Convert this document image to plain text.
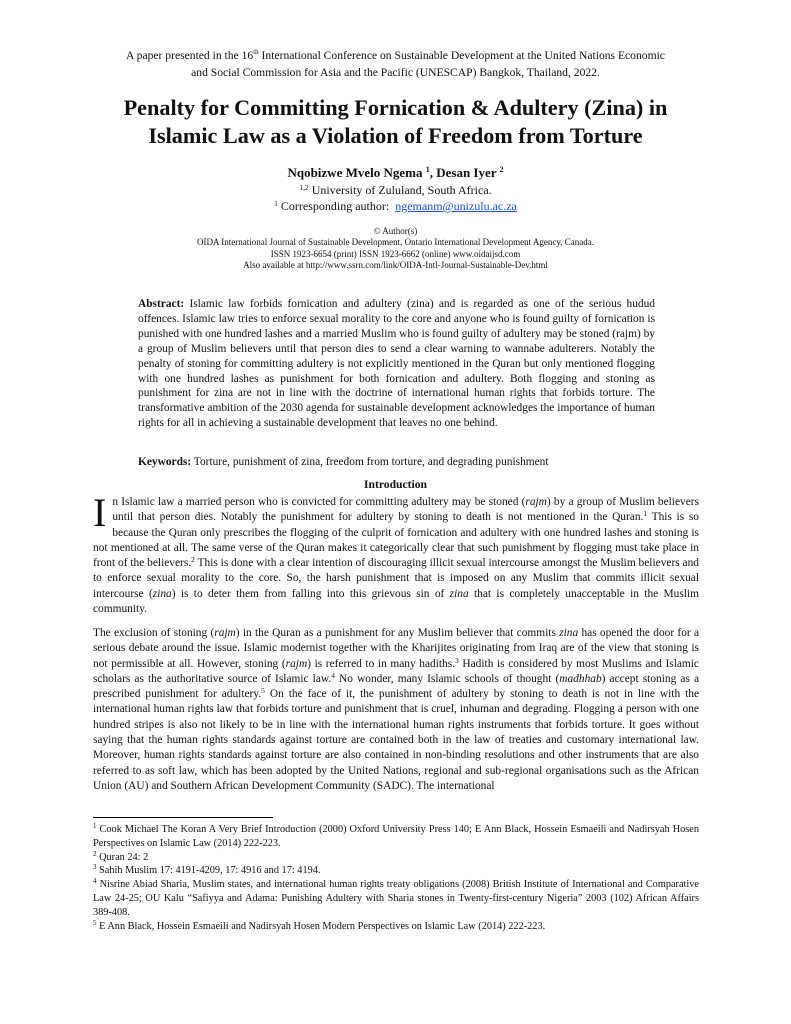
A paper presented in the 16th International Conference on Sustainable Development at the United Nations Economic
and Social Commission for Asia and the Pacific (UNESCAP) Bangkok, Thailand, 2022.
Penalty for Committing Fornication & Adultery (Zina) in
Islamic Law as a Violation of Freedom from Torture
Nqobizwe Mvelo Ngema $^1$, Desan Iyer $^2$
$^{1,2}$ University of Zululand, South Africa.
$^1$ Corresponding author: ngemanm@unizulu.ac.za
© Author(s)
OIDA International Journal of Sustainable Development, Ontario International Development Agency, Canada.
ISSN 1923-6654 (print) ISSN 1923-6662 (online) www.oidaijsd.com
Also available at http://www.ssrn.com/link/OIDA-Intl-Journal-Sustainable-Dev.html
Abstract: Islamic law forbids fornication and adultery (zina) and is regarded as one of the serious hudud offences. Islamic law tries to enforce sexual morality to the core and anyone who is found guilty of fornication is punished with one hundred lashes and a married Muslim who is found guilty of adultery may be stoned (rajm) by a group of Muslim believers until that person dies to send a clear warning to wannabe adulterers. Notably the penalty of stoning for committing adultery is not explicitly mentioned in the Quran but only mentioned flogging with one hundred lashes as punishment for both fornication and adultery. Both flogging and stoning as punishment for zina are not in line with the doctrine of international human rights that forbids torture. The transformative ambition of the 2030 agenda for sustainable development acknowledges the importance of human rights for all in achieving a sustainable development that leaves no one behind.
Keywords: Torture, punishment of zina, freedom from torture, and degrading punishment
Introduction

In Islamic law a married person who is convicted for committing adultery may be stoned (rajm) by a group of Muslim believers until that person dies. Notably the punishment for adultery by stoning to death is not mentioned in the Quran.$^1$ This is so because the Quran only prescribes the flogging of the culprit of fornication and adultery with one hundred lashes and stoning is not mentioned at all. The same verse of the Quran makes it categorically clear that such punishment by flogging must take place in front of the believers.$^2$ This is done with a clear intention of discouraging illicit sexual intercourse amongst the Muslim believers and to enforce sexual morality to the core. So, the harsh punishment that is imposed on any Muslim that commits illicit sexual intercourse (zina) is to deter them from falling into this grievous sin of zina that is completely unacceptable in the Muslim community.

The exclusion of stoning (rajm) in the Quran as a punishment for any Muslim believer that commits zina has opened the door for a serious debate around the issue. Islamic modernist together with the Kharijites originating from Iraq are of the view that stoning is not permissible at all. However, stoning (rajm) is referred to in many hadiths.$^3$ Hadith is considered by most Muslims and Islamic scholars as the authoritative source of Islamic law.$^4$ No wonder, many Islamic schools of thought (madhhab) accept stoning as a prescribed punishment for adultery.$^5$ On the face of it, the punishment of adultery by stoning to death is not in line with the international human rights law that forbids torture and punishment that is cruel, inhuman and degrading. Flogging a person with one hundred stripes is also not likely to be in line with the international human rights instruments that forbids torture. It goes without saying that the human rights standards against torture are contained both in the law of treaties and customary international law. Moreover, human rights standards against torture are also contained in non-binding resolutions and other instruments that are also referred to as soft law, which has been adopted by the United Nations, regional and sub-regional organisations such as the African Union (AU) and Southern African Development Community (SADC). The international

$^1$ Cook Michael The Koran A Very Brief Introduction (2000) Oxford University Press 140; E Ann Black, Hossein Esmaeili and Nadirsyah Hosen Perspectives on Islamic Law (2014) 222-223.
$^2$ Quran 24: 2
$^3$ Sahih Muslim 17: 4191-4209, 17: 4916 and 17: 4194.
$^4$ Nisrine Abiad Sharia, Muslim states, and international human rights treaty obligations (2008) British Institute of International and Comparative Law 24-25; OU Kalu “Safiyya and Adama: Punishing Adultery with Sharia stones in Twenty-first-century Nigeria” 2003 (102) African Affairs 389-408.
$^5$ E Ann Black, Hossein Esmaeili and Nadirsyah Hosen Modern Perspectives on Islamic Law (2014) 222-223.
